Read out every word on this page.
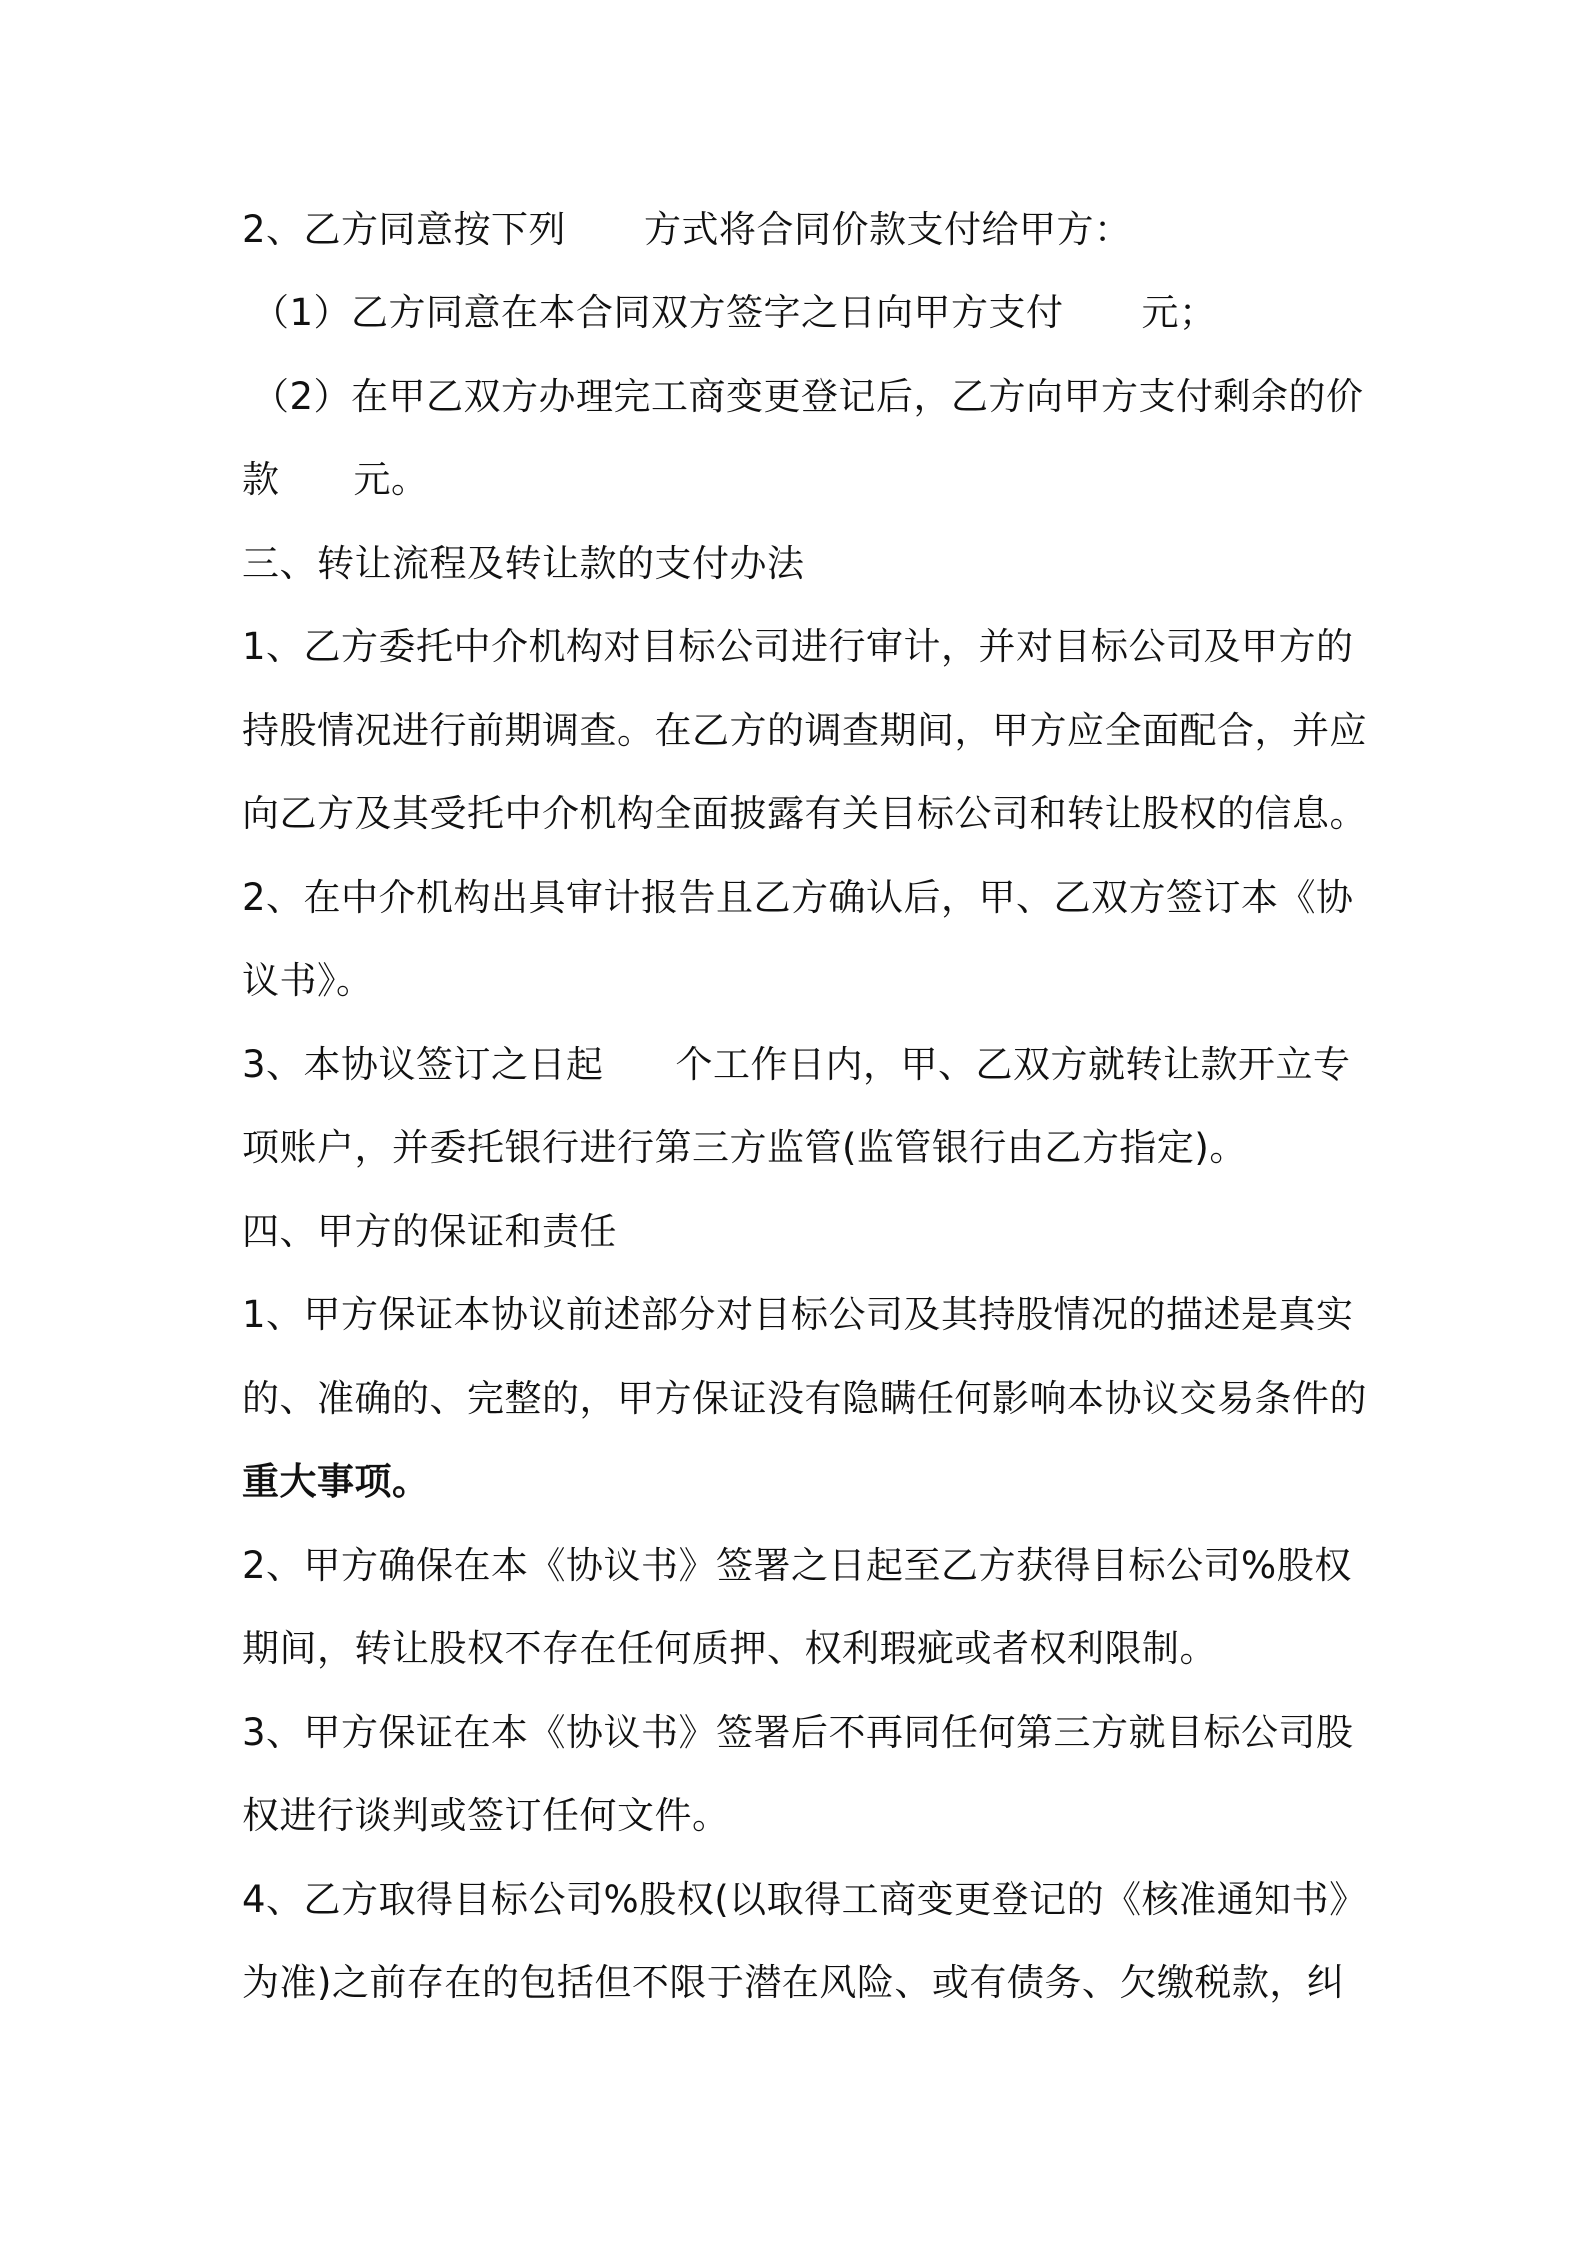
2、乙方同意按下列 方式将合同价款支付给甲方：
（1）乙方同意在本合同双方签字之日向甲方支付 元；
（2）在甲乙双方办理完工商变更登记后，乙方向甲方支付剩余的价
款 元。
三、转让流程及转让款的支付办法
1、乙方委托中介机构对目标公司进行审计，并对目标公司及甲方的
持股情况进行前期调查。在乙方的调查期间，甲方应全面配合，并应
向乙方及其受托中介机构全面披露有关目标公司和转让股权的信息。
2、在中介机构出具审计报告且乙方确认后，甲、乙双方签订本《协
议书》。
3、本协议签订之日起 个工作日内，甲、乙双方就转让款开立专
项账户，并委托银行进行第三方监管(监管银行由乙方指定)。
四、甲方的保证和责任
1、甲方保证本协议前述部分对目标公司及其持股情况的描述是真实
的、准确的、完整的，甲方保证没有隐瞒任何影响本协议交易条件的
重大事项。
2、甲方确保在本《协议书》签署之日起至乙方获得目标公司%股权
期间，转让股权不存在任何质押、权利瑕疵或者权利限制。
3、甲方保证在本《协议书》签署后不再同任何第三方就目标公司股
权进行谈判或签订任何文件。
4、乙方取得目标公司%股权(以取得工商变更登记的《核准通知书》
为准)之前存在的包括但不限于潜在风险、或有债务、欠缴税款，纠
